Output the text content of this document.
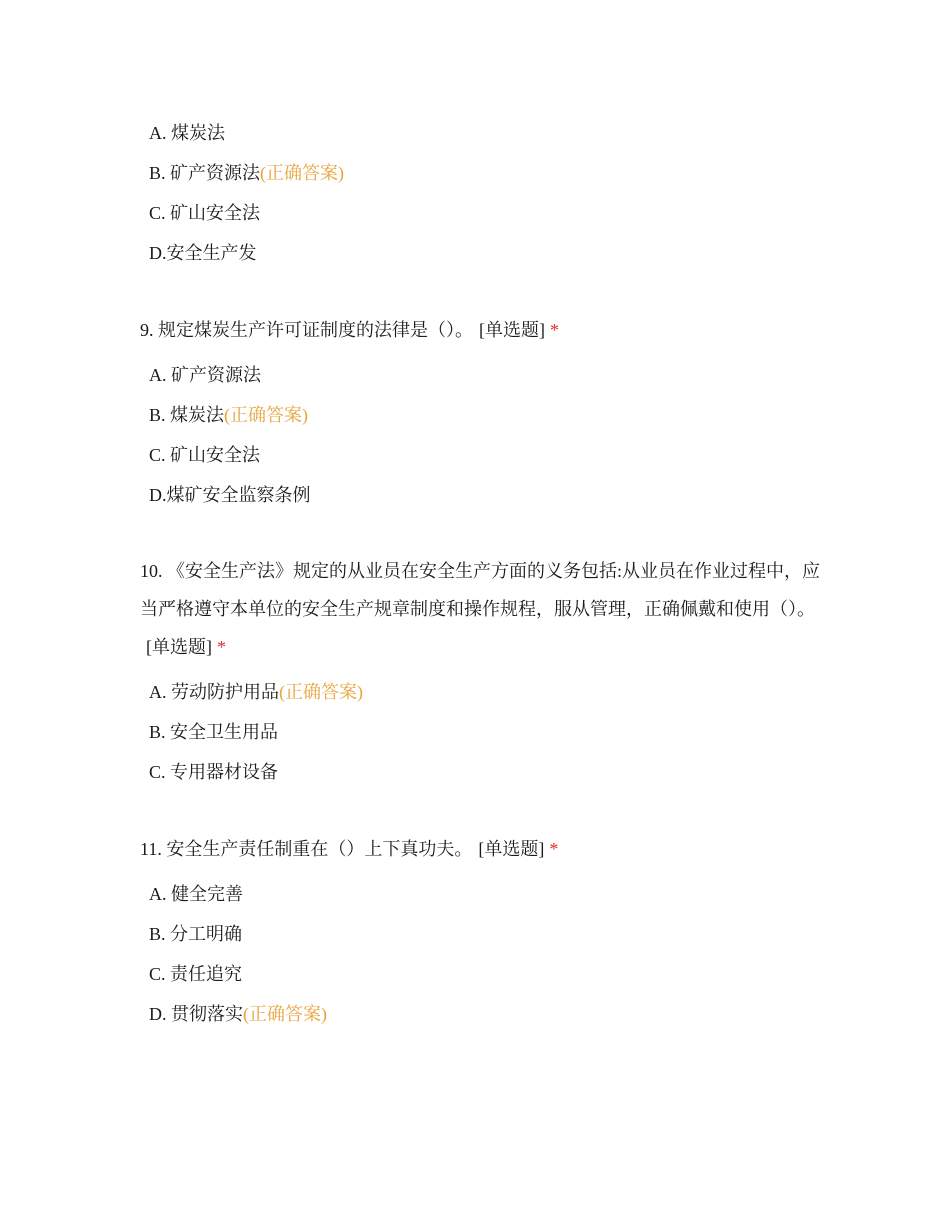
A. 煤炭法
B. 矿产资源法(正确答案)
C. 矿山安全法
D.安全生产发

9. 规定煤炭生产许可证制度的法律是（）。 [单选题] *

A. 矿产资源法
B. 煤炭法(正确答案)
C. 矿山安全法
D.煤矿安全监察条例

10. 《安全生产法》规定的从业员在安全生产方面的义务包括:从业员在作业过程中，应当严格遵守本单位的安全生产规章制度和操作规程，服从管理，正确佩戴和使用（）。[单选题] *

A. 劳动防护用品(正确答案)
B. 安全卫生用品
C. 专用器材设备

11. 安全生产责任制重在（）上下真功夫。 [单选题] *

A. 健全完善
B. 分工明确
C. 责任追究
D. 贯彻落实(正确答案)
